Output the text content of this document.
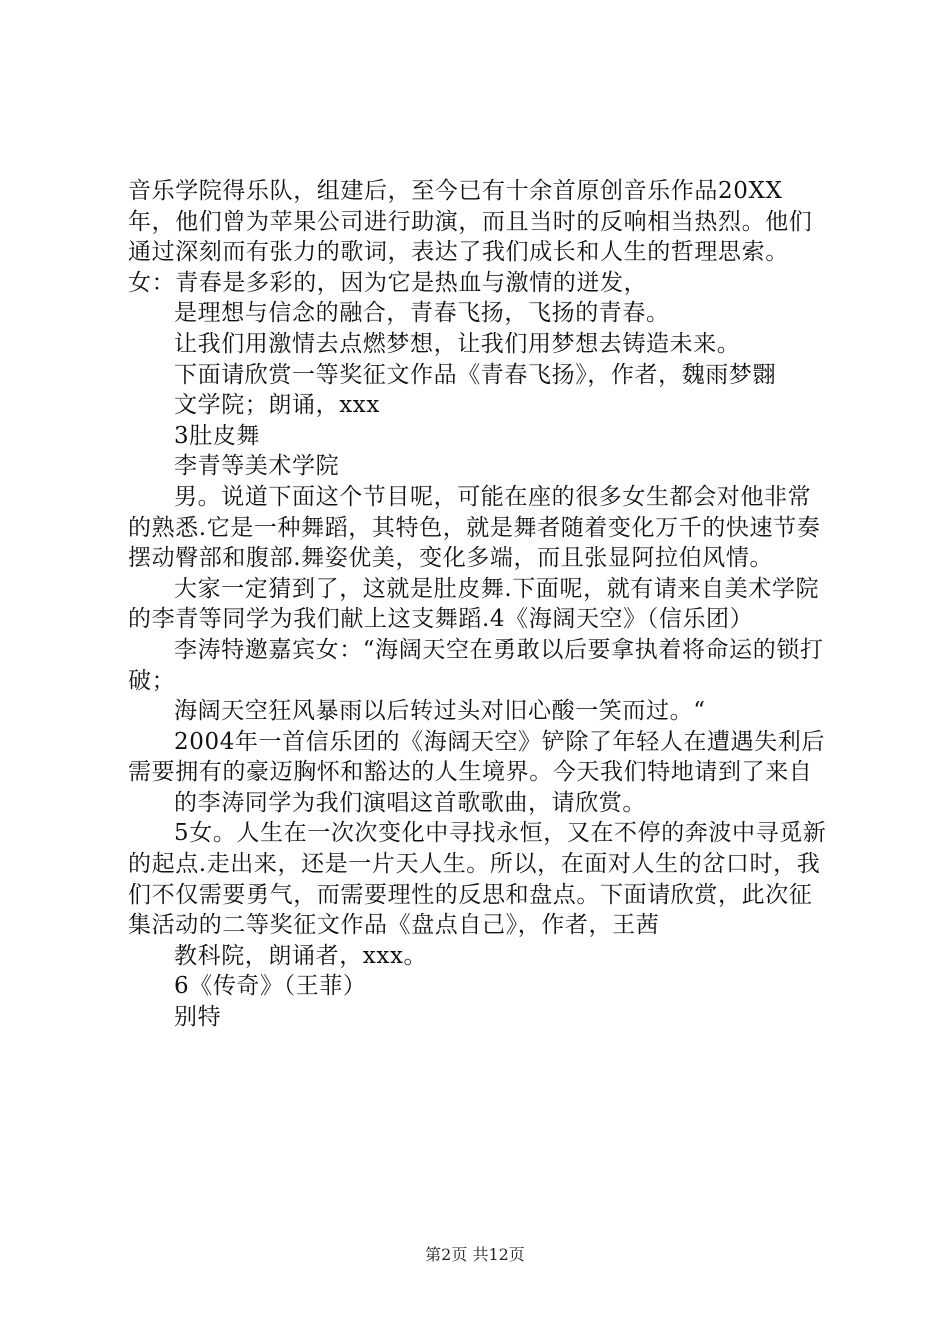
音乐学院得乐队，组建后，至今已有十余首原创音乐作品20XX年，他们曾为苹果公司进行助演，而且当时的反响相当热烈。他们通过深刻而有张力的歌词，表达了我们成长和人生的哲理思索。女：青春是多彩的，因为它是热血与激情的迸发，

是理想与信念的融合，青春飞扬，飞扬的青春。

让我们用激情去点燃梦想，让我们用梦想去铸造未来。

下面请欣赏一等奖征文作品《青春飞扬》，作者，魏雨梦翾

文学院；朗诵，xxx

3肚皮舞

李青等美术学院

男。说道下面这个节目呢，可能在座的很多女生都会对他非常的熟悉.它是一种舞蹈，其特色，就是舞者随着变化万千的快速节奏摆动臀部和腹部.舞姿优美，变化多端，而且张显阿拉伯风情。

大家一定猜到了，这就是肚皮舞.下面呢，就有请来自美术学院的李青等同学为我们献上这支舞蹈.4《海阔天空》（信乐团）

李涛特邀嘉宾女：“海阔天空在勇敢以后要拿执着将命运的锁打破；

海阔天空狂风暴雨以后转过头对旧心酸一笑而过。“

2004年一首信乐团的《海阔天空》铲除了年轻人在遭遇失利后需要拥有的豪迈胸怀和豁达的人生境界。今天我们特地请到了来自

的李涛同学为我们演唱这首歌歌曲，请欣赏。

5女。人生在一次次变化中寻找永恒，又在不停的奔波中寻觅新的起点.走出来，还是一片天人生。所以，在面对人生的岔口时，我们不仅需要勇气，而需要理性的反思和盘点。下面请欣赏，此次征集活动的二等奖征文作品《盘点自己》，作者，王茜

教科院，朗诵者，xxx。

6《传奇》（王菲）

别特

第2页 共12页
